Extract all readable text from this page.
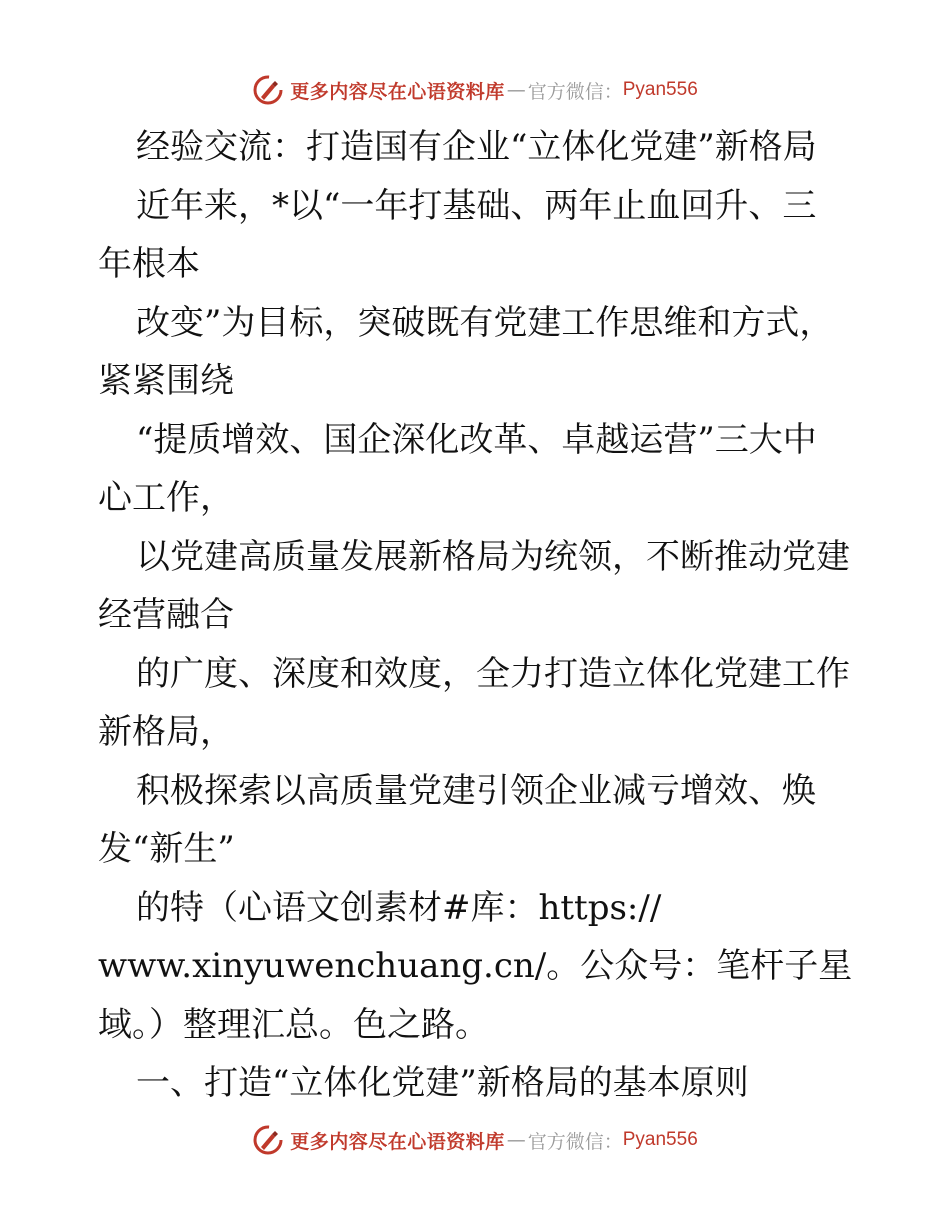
更多内容尽在心语资料库 — 官方微信： Pyan556
经验交流：打造国有企业“立体化党建”新格局
近年来，*以“一年打基础、两年止血回升、三
年根本
改变”为目标，突破既有党建工作思维和方式，
紧紧围绕
“提质增效、国企深化改革、卓越运营”三大中
心工作，
以党建高质量发展新格局为统领，不断推动党建
经营融合
的广度、深度和效度，全力打造立体化党建工作
新格局，
积极探索以高质量党建引领企业减亏增效、焕
发“新生”
的特（心语文创素材#库：https://
www.xinyuwenchuang.cn/。公众号：笔杆子星
域。）整理汇总。色之路。
一、打造“立体化党建”新格局的基本原则
更多内容尽在心语资料库 — 官方微信： Pyan556
